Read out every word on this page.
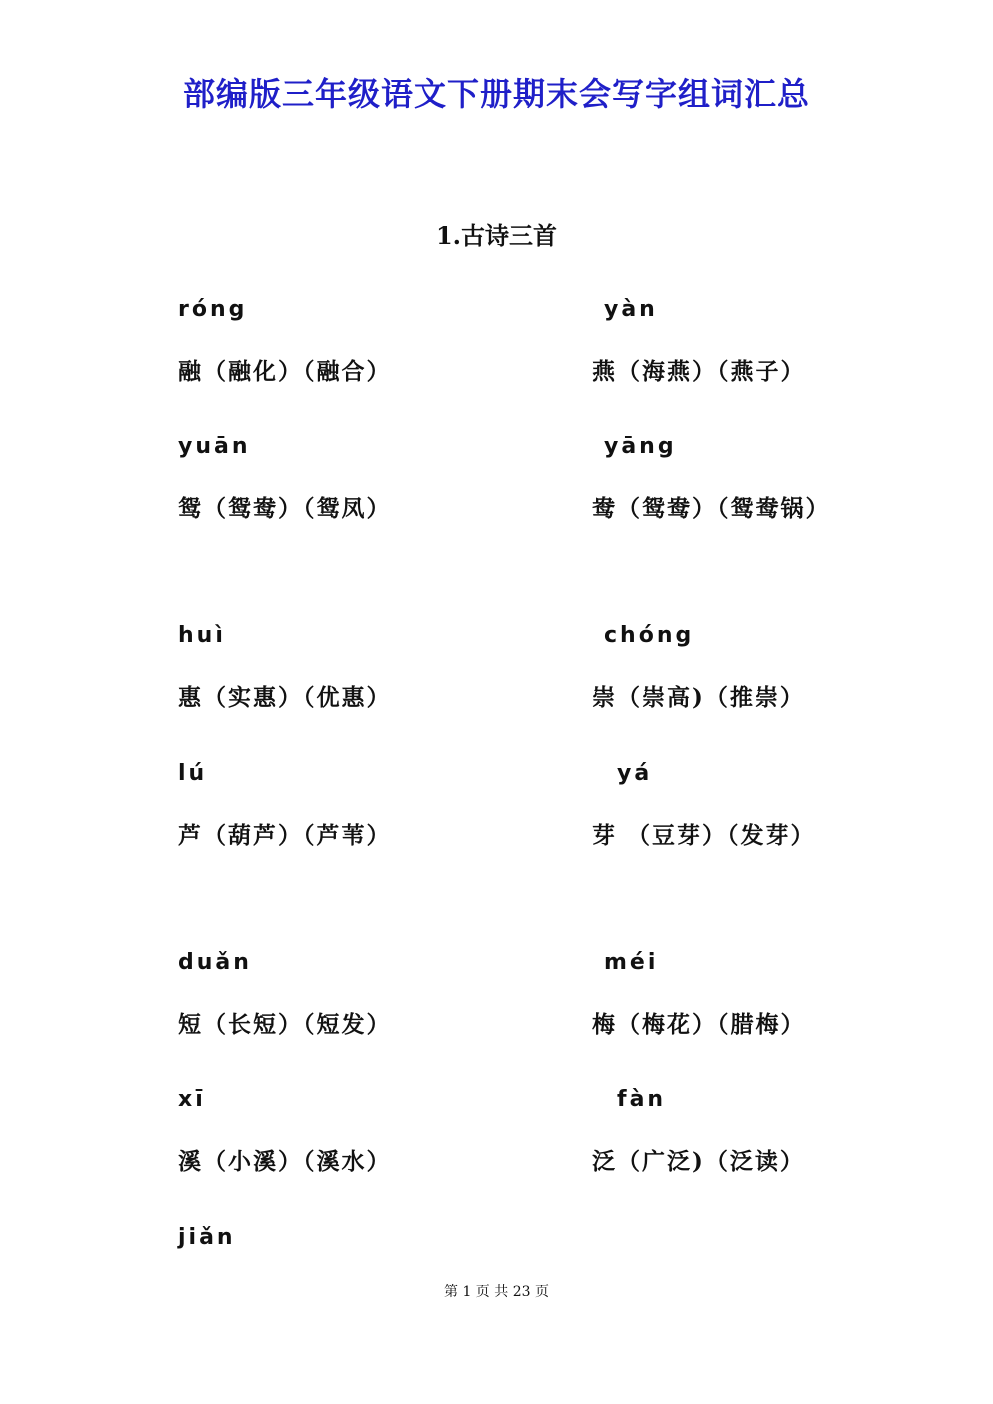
部编版三年级语文下册期末会写字组词汇总
1.古诗三首
róng
融（融化）（融合）
yàn
燕（海燕）（燕子）
yuān
鸳（鸳鸯）（鸳凤）
yāng
鸯（鸳鸯）（鸳鸯锅）
huì
惠（实惠）（优惠）
chóng
崇（崇高)（推崇）
lú
芦（葫芦）（芦苇）
yá
芽 （豆芽）（发芽）
duǎn
短（长短）（短发）
méi
梅（梅花）（腊梅）
xī
溪（小溪）（溪水）
fàn
泛（广泛)（泛读）
jiǎn
第 1 页 共 23 页
